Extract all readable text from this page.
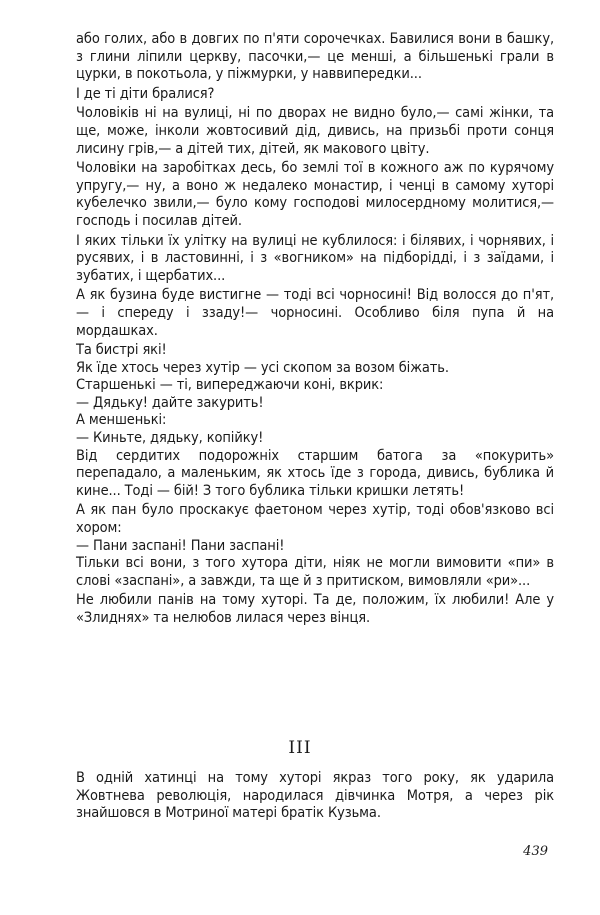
або голих, або в довгих по п'яти сорочечках. Бавилися вони в башку, з глини ліпили церкву, пасочки,— це менші, а більшенькі грали в цурки, в покотьола, у піжмурки, у наввипередки...

І де ті діти бралися?

Чоловіків ні на вулиці, ні по дворах не видно було,— самі жінки, та ще, може, інколи жовтосивий дід, дивись, на призьбі проти сонця лисину грів,— а дітей тих, дітей, як макового цвіту.

Чоловіки на заробітках десь, бо землі тої в кожного аж по курячому упругу,— ну, а воно ж недалеко монастир, і ченці в самому хуторі кубелечко звили,— було кому господові милосердному молитися,— господь і посилав дітей.

І яких тільки їх улітку на вулиці не кублилося: і білявих, і чорнявих, і русявих, і в ластовинні, і з «вогником» на підборідді, і з заїдами, і зубатих, і щербатих...

А як бузина буде вистигне — тоді всі чорносині! Від волосся до п'ят,— і спереду і ззаду!— чорносині. Особливо біля пупа й на мордашках.

Та бистрі які!

Як їде хтось через хутір — усі скопом за возом біжать.

Старшенькі — ті, випереджаючи коні, вкрик:

— Дядьку! дайте закурить!

А меншенькі:

— Киньте, дядьку, копійку!

Від сердитих подорожніх старшим батога за «покурить» перепадало, а маленьким, як хтось їде з города, дивись, бублика й кине... Тоді — бій! З того бублика тільки кришки летять!

А як пан було проскакує фаетоном через хутір, тоді обов'язково всі хором:

— Пани заспані! Пани заспані!

Тільки всі вони, з того хутора діти, ніяк не могли вимовити «пи» в слові «заспані», а завжди, та ще й з притиском, вимовляли «ри»...

Не любили панів на тому хуторі. Та де, положим, їх любили! Але у «Злиднях» та нелюбов лилася через вінця.

III

В одній хатинці на тому хуторі якраз того року, як ударила Жовтнева революція, народилася дівчинка Мотря, а через рік знайшовся в Мотриної матері братік Кузьма.

439
